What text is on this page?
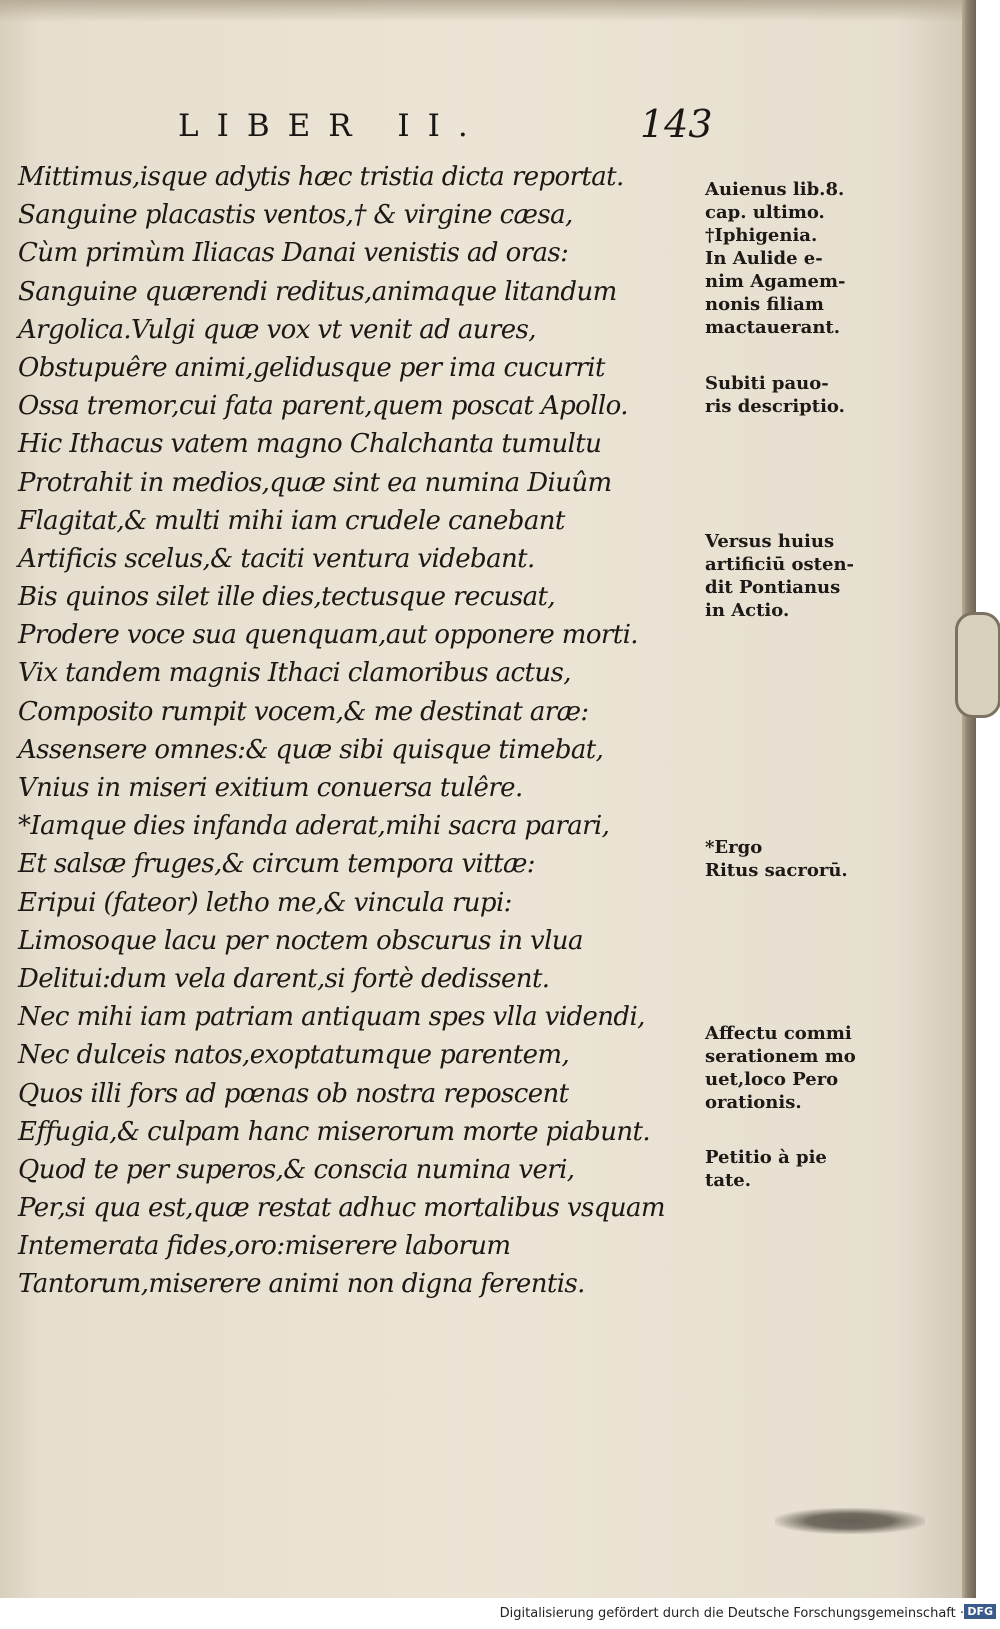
LIBER II.	143
Mittimus,isque adytis hæc tristia dicta reportat.
Sanguine placastis ventos,† & virgine cæsa,
Cùm primùm Iliacas Danai venistis ad oras:
Sanguine quærendi reditus,animaque litandum
Argolica.Vulgi quæ vox vt venit ad aures,
Obstupuêre animi,gelidusque per ima cucurrit
Ossa tremor,cui fata parent,quem poscat Apollo.
Hic Ithacus vatem magno Chalchanta tumultu
Protrahit in medios,quæ sint ea numina Diuûm
Flagitat,& multi mihi iam crudele canebant
Artificis scelus,& taciti ventura videbant.
Bis quinos silet ille dies,tectusque recusat,
Prodere voce sua quenquam,aut opponere morti.
Vix tandem magnis Ithaci clamoribus actus,
Composito rumpit vocem,& me destinat aræ:
Assensere omnes:& quæ sibi quisque timebat,
Vnius in miseri exitium conuersa tulêre.
*Iamque dies infanda aderat,mihi sacra parari,
Et salsæ fruges,& circum tempora vittæ:
Eripui (fateor) letho me,& vincula rupi:
Limosoque lacu per noctem obscurus in vlua
Delitui:dum vela darent,si fortè dedissent.
Nec mihi iam patriam antiquam spes vlla videndi,
Nec dulceis natos,exoptatumque parentem,
Quos illi fors ad pœnas ob nostra reposcent
Effugia,& culpam hanc miserorum morte piabunt.
Quod te per superos,& conscia numina veri,
Per,si qua est,quæ restat adhuc mortalibus vsquam
Intemerata fides,oro:miserere laborum
Tantorum,miserere animi non digna ferentis.
Auienus lib.8.
cap. ultimo.
†Iphigenia.
In Aulide e-
nim Agamem-
nonis filiam
mactauerant.
Subiti pauo-
ris descriptio.
Versus huius
artificiū osten-
dit Pontianus
in Actio.
*Ergo
Ritus sacrorū.
Affectu commi
serationem mo
uet,loco Pero
orationis.
Petitio à pie
tate.
Digitalisierung gefördert durch die Deutsche Forschungsgemeinschaft · DFG
